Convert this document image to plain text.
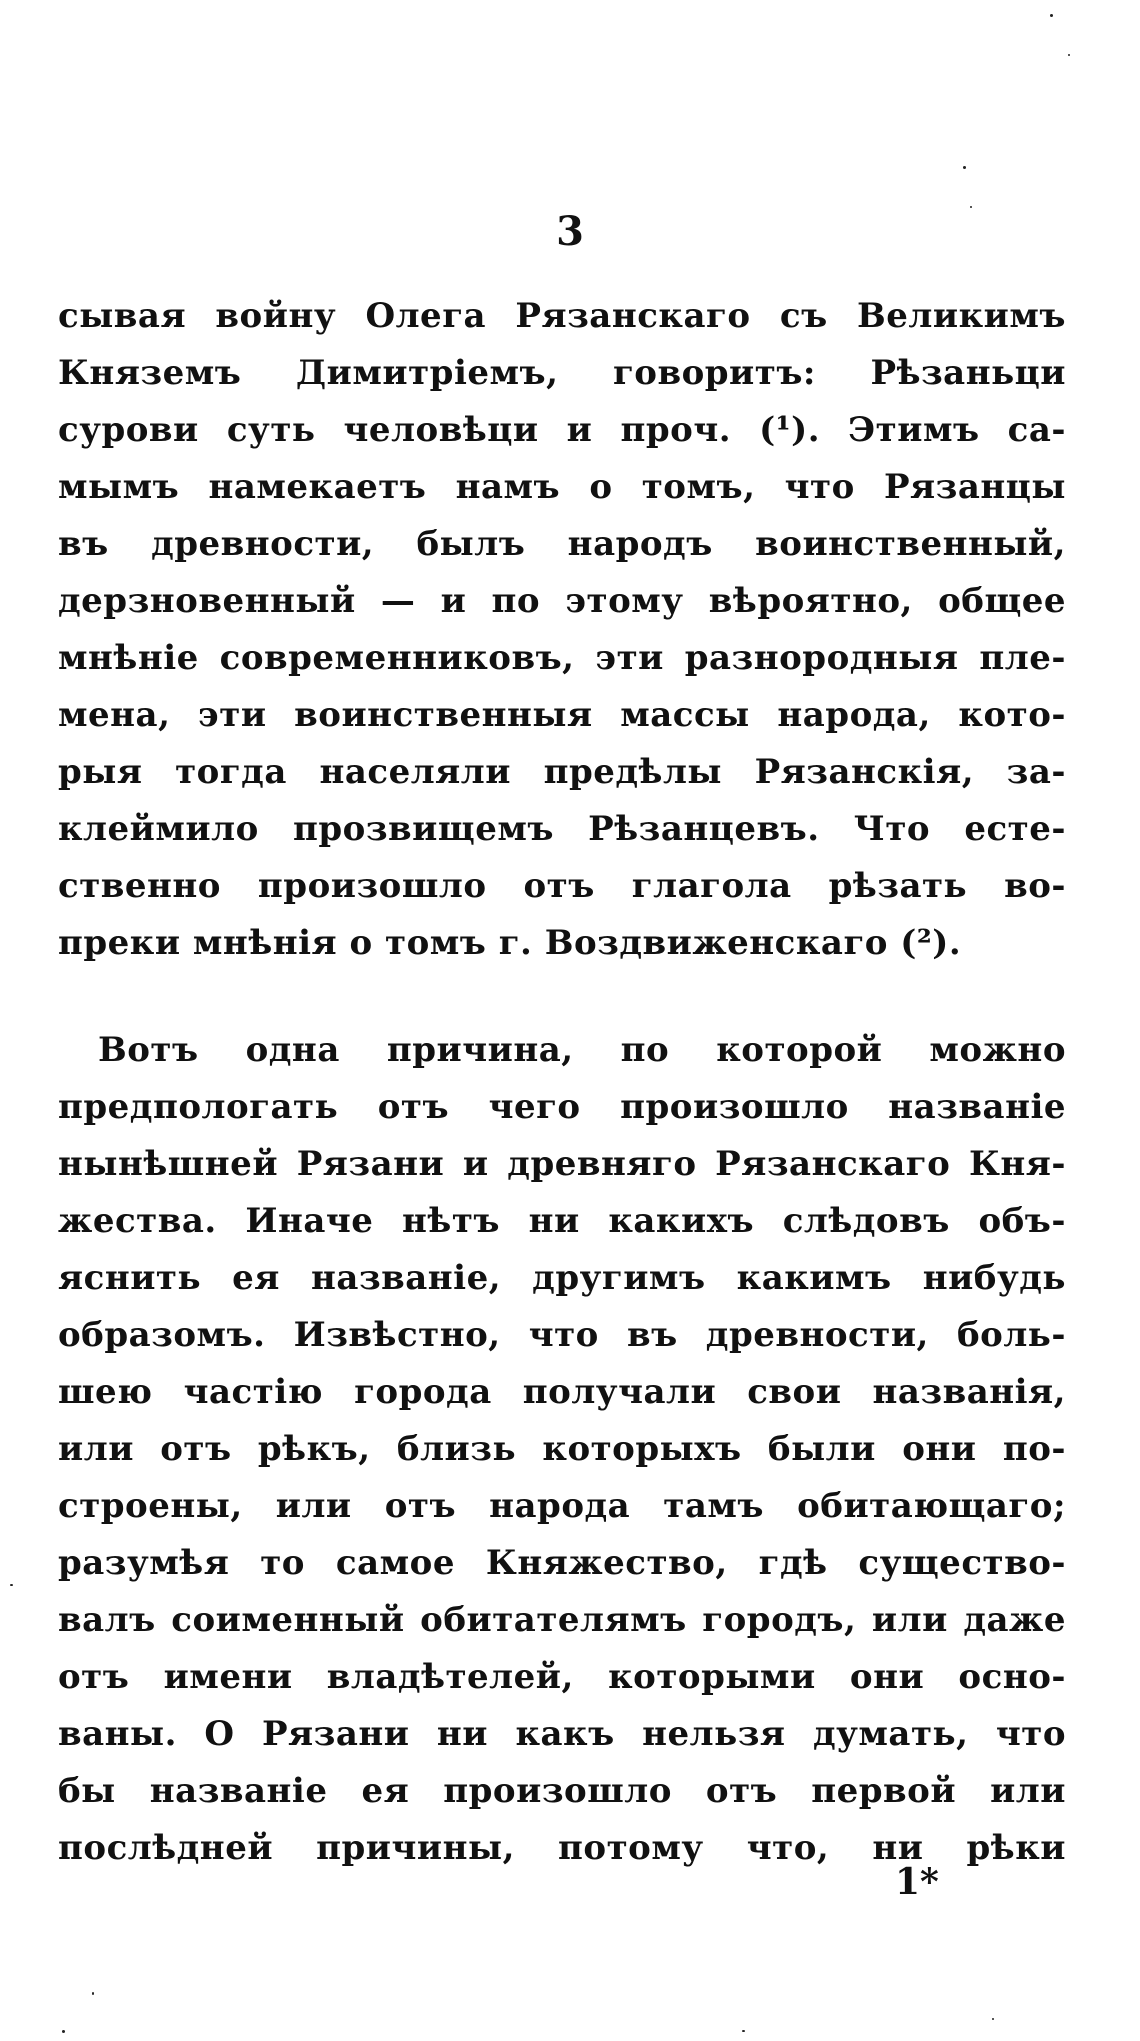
3
сывая войну Олега Рязанскаго съ Великимъ
Княземъ Димитріемъ, говоритъ: Рѣзаньци
сурови суть человѣци и проч. (¹). Этимъ са-
мымъ намекаетъ намъ о томъ, что Рязанцы
въ древности, былъ народъ воинственный,
дерзновенный — и по этому вѣроятно, общее
мнѣніе современниковъ, эти разнородныя пле-
мена, эти воинственныя массы народа, кото-
рыя тогда населяли предѣлы Рязанскія, за-
клеймило прозвищемъ Рѣзанцевъ. Что есте-
ственно произошло отъ глагола рѣзать во-
преки мнѣнія о томъ г. Воздвиженскаго (²).
Вотъ одна причина, по которой можно
предпологать отъ чего произошло названіе
нынѣшней Рязани и древняго Рязанскаго Кня-
жества. Иначе нѣтъ ни какихъ слѣдовъ объ-
яснить ея названіе, другимъ какимъ нибудь
образомъ. Извѣстно, что въ древности, боль-
шею частію города получали свои названія,
или отъ рѣкъ, близь которыхъ были они по-
строены, или отъ народа тамъ обитающаго;
разумѣя то самое Княжество, гдѣ существо-
валъ соименный обитателямъ городъ, или даже
отъ имени владѣтелей, которыми они осно-
ваны. О Рязани ни какъ нельзя думать, что
бы названіе ея произошло отъ первой или
послѣдней причины, потому что, ни рѣки
1*
